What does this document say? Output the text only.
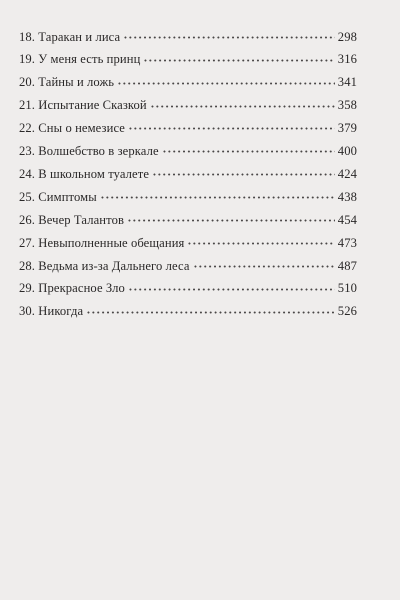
18. Таракан и лиса	298
19. У меня есть принц	316
20. Тайны и ложь	341
21. Испытание Сказкой	358
22. Сны о немезисе	379
23. Волшебство в зеркале	400
24. В школьном туалете	424
25. Симптомы	438
26. Вечер Талантов	454
27. Невыполненные обещания	473
28. Ведьма из-за Дальнего леса	487
29. Прекрасное Зло	510
30. Никогда	526
